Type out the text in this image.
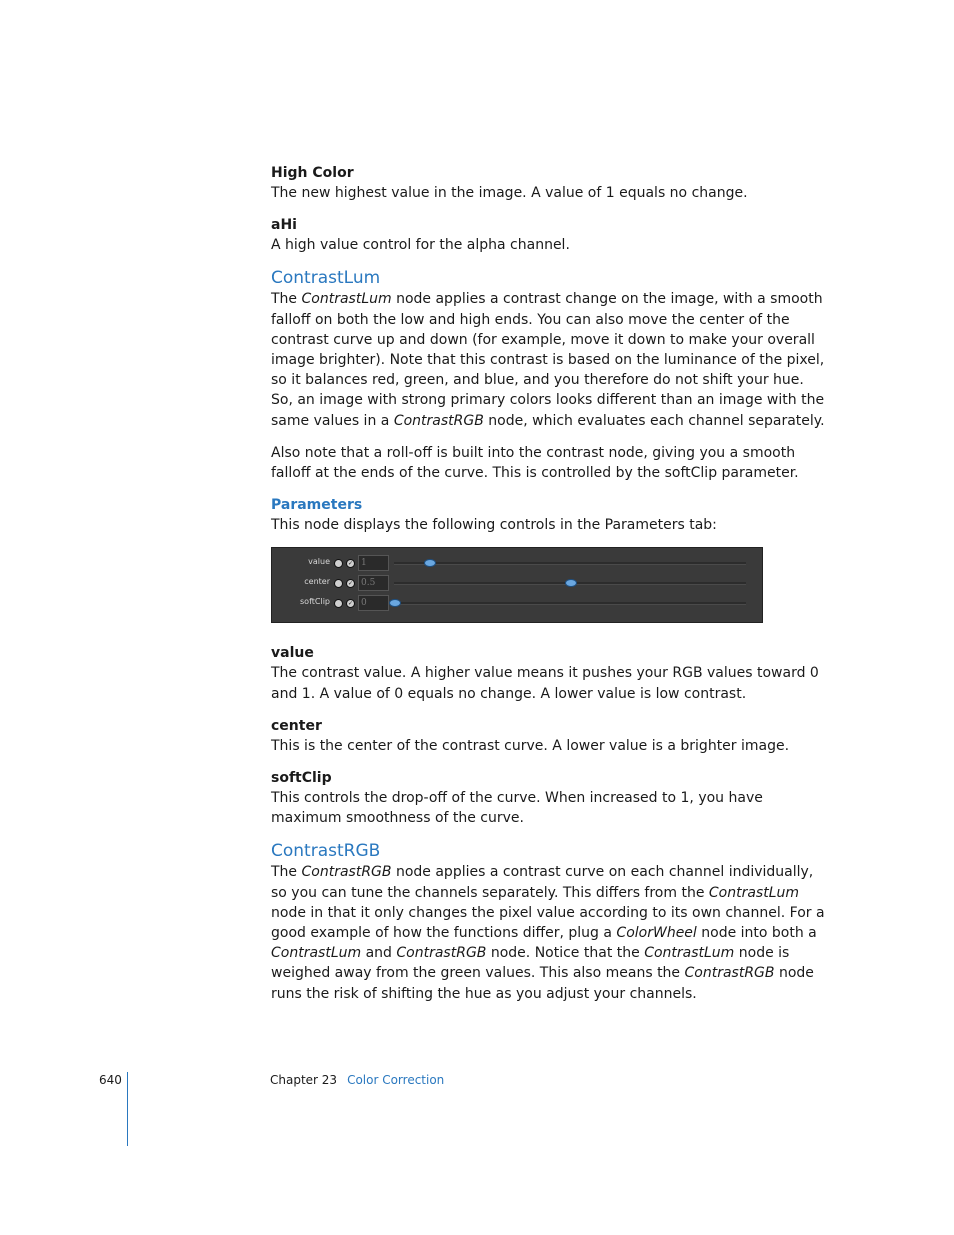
High Color

The new highest value in the image. A value of 1 equals no change.

aHi

A high value control for the alpha channel.

ContrastLum

The ContrastLum node applies a contrast change on the image, with a smooth falloff on both the low and high ends. You can also move the center of the contrast curve up and down (for example, move it down to make your overall image brighter). Note that this contrast is based on the luminance of the pixel, so it balances red, green, and blue, and you therefore do not shift your hue. So, an image with strong primary colors looks different than an image with the same values in a ContrastRGB node, which evaluates each channel separately.

Also note that a roll-off is built into the contrast node, giving you a smooth falloff at the ends of the curve. This is controlled by the softClip parameter.

Parameters

This node displays the following controls in the Parameters tab:

value	✓ 1
center	✓ 0.5
softClip	✓ 0

value

The contrast value. A higher value means it pushes your RGB values toward 0 and 1. A value of 0 equals no change. A lower value is low contrast.

center

This is the center of the contrast curve. A lower value is a brighter image.

softClip

This controls the drop-off of the curve. When increased to 1, you have maximum smoothness of the curve.

ContrastRGB

The ContrastRGB node applies a contrast curve on each channel individually, so you can tune the channels separately. This differs from the ContrastLum node in that it only changes the pixel value according to its own channel. For a good example of how the functions differ, plug a ColorWheel node into both a ContrastLum and ContrastRGB node. Notice that the ContrastLum node is weighed away from the green values. This also means the ContrastRGB node runs the risk of shifting the hue as you adjust your channels.

640	Chapter 23 Color Correction
